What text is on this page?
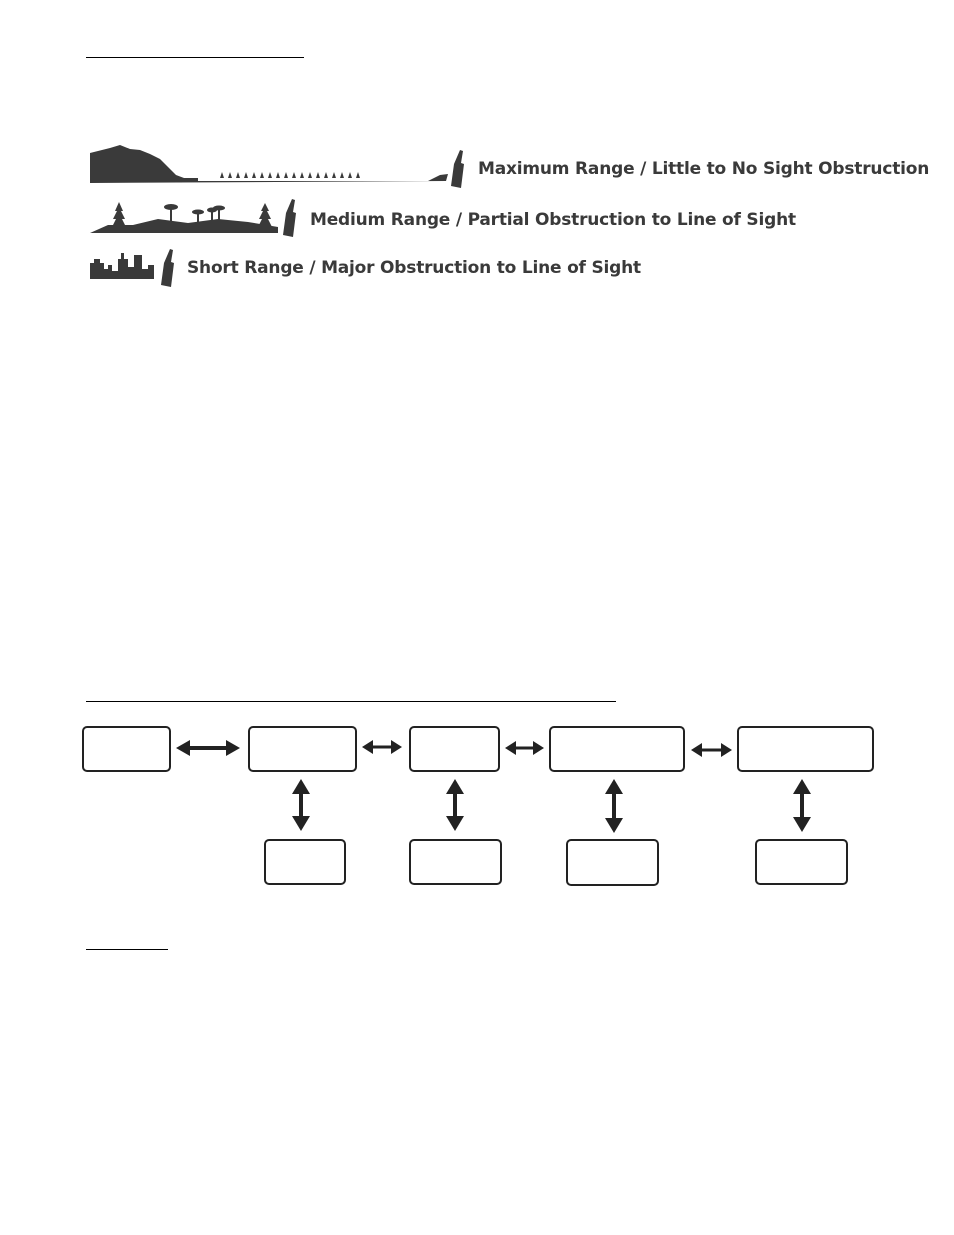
Maximum Range / Little to No Sight Obstruction
Medium Range / Partial Obstruction to Line of Sight
Short Range / Major Obstruction to Line of Sight
